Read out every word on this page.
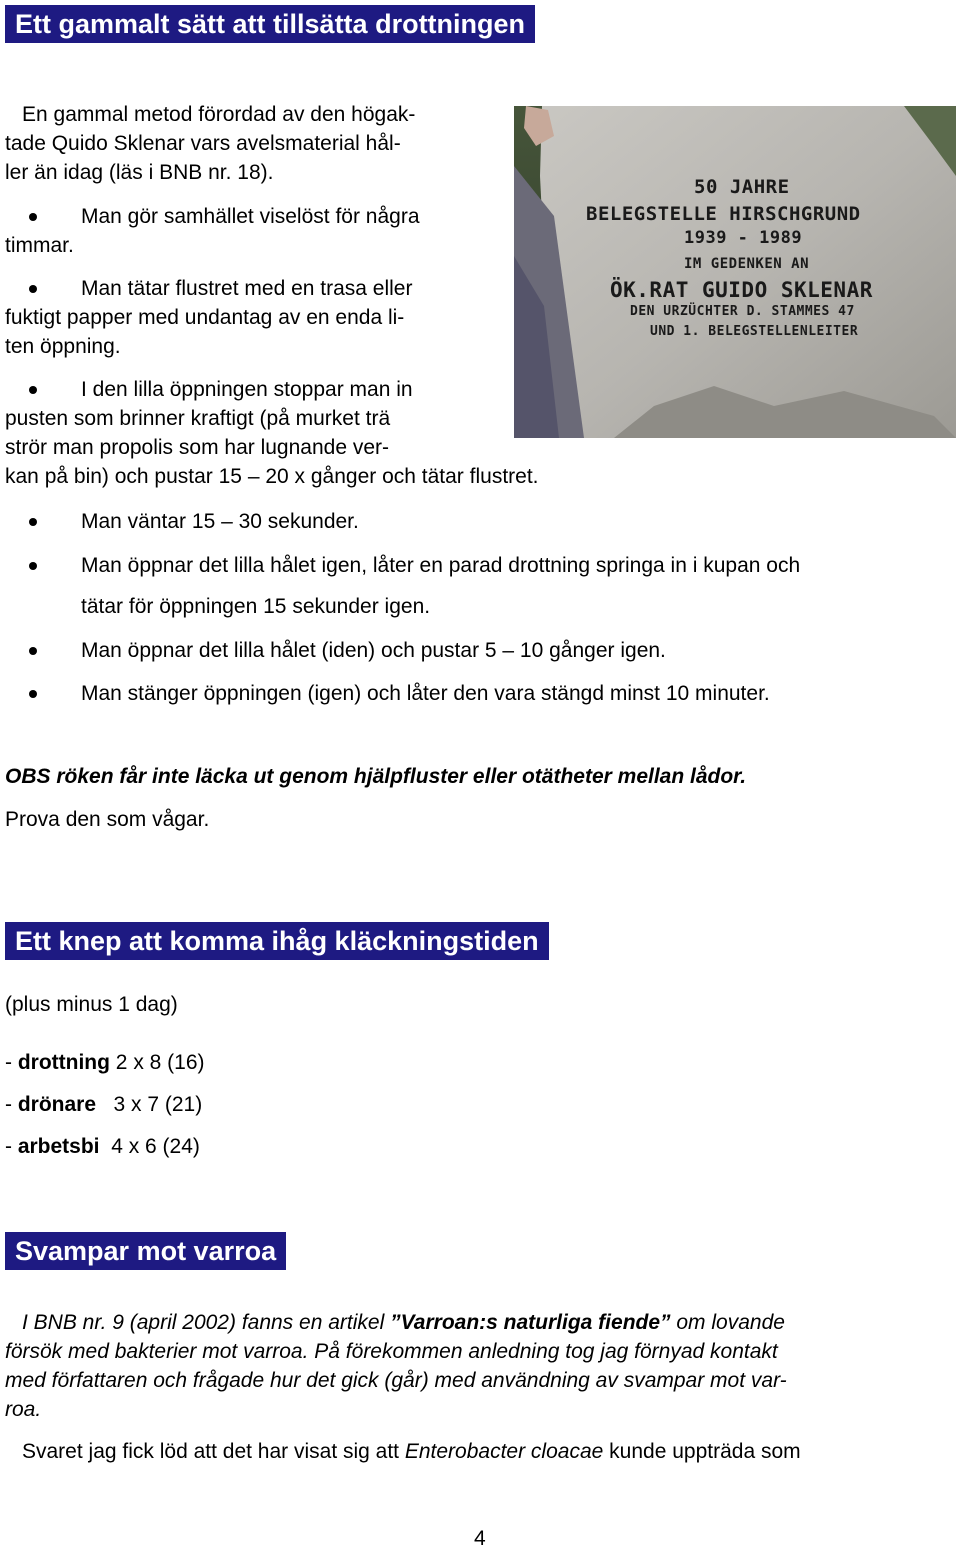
Ett gammalt sätt att tillsätta drottningen
En gammal metod förordad av den högak-
tade Quido Sklenar vars avelsmaterial hål-
ler än idag (läs i BNB nr. 18).
Man gör samhället viselöst för några
timmar.
Man tätar flustret med en trasa eller
fuktigt papper med undantag av en enda li-
ten öppning.
I den lilla öppningen stoppar man in
pusten som brinner kraftigt (på murket trä
strör man propolis som har lugnande ver-
kan på bin) och pustar 15 – 20 x gånger och tätar flustret.
Man väntar 15 – 30 sekunder.
Man öppnar det lilla hålet igen, låter en parad drottning springa in i kupan och
tätar för öppningen 15 sekunder igen.
Man öppnar det lilla hålet (iden) och pustar 5 – 10 gånger igen.
Man stänger öppningen (igen) och låter den vara stängd minst 10 minuter.
OBS röken får inte läcka ut genom hjälpfluster eller otätheter mellan lådor.
Prova den som vågar.
50 JAHRE
BELEGSTELLE HIRSCHGRUND
1939 - 1989
IM GEDENKEN AN
ÖK.RAT GUIDO SKLENAR
DEN URZÜCHTER D. STAMMES 47
UND 1. BELEGSTELLENLEITER
Ett knep att komma ihåg kläckningstiden
(plus minus 1 dag)
- drottning 2 x 8 (16)
- drönare   3 x 7 (21)
- arbetsbi  4 x 6 (24)
Svampar mot varroa
I BNB nr. 9 (april 2002) fanns en artikel ”Varroan:s naturliga fiende” om lovande
försök med bakterier mot varroa. På förekommen anledning tog jag förnyad kontakt
med författaren och frågade hur det gick (går) med användning av svampar mot var-
roa.
Svaret jag fick löd att det har visat sig att Enterobacter cloacae kunde uppträda som
4
